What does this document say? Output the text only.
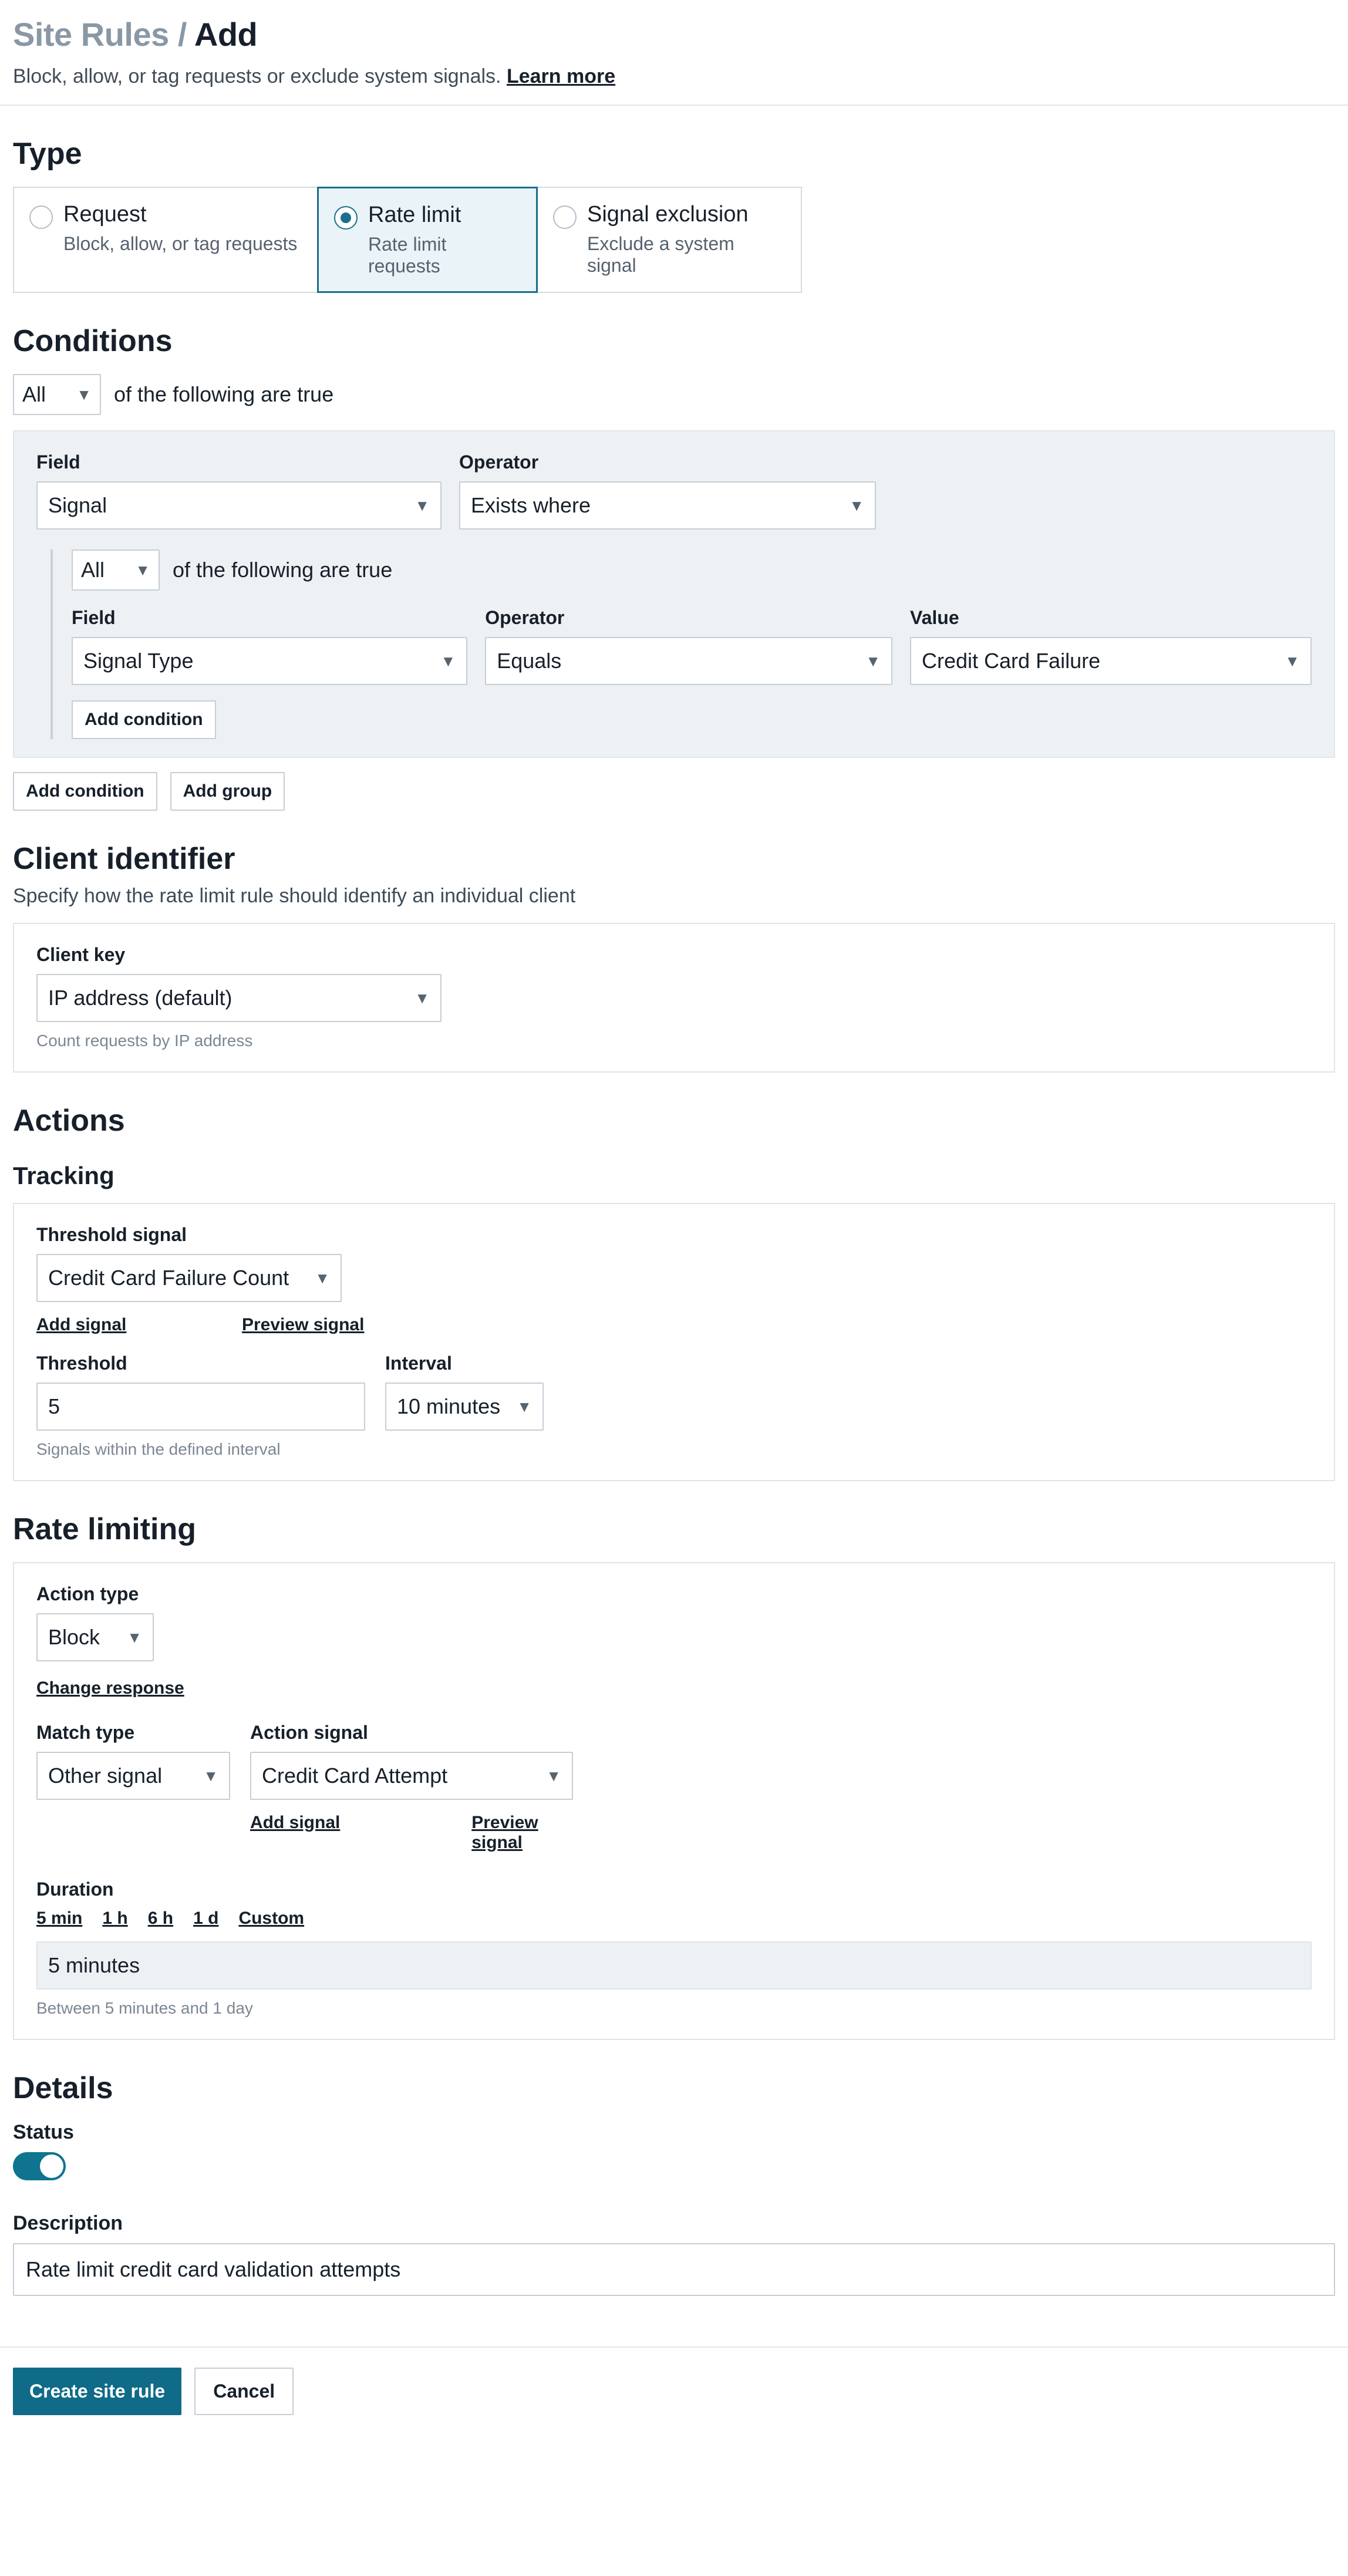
Site Rules / Add
Block, allow, or tag requests or exclude system signals. Learn more
Type
Request
Block, allow, or tag requests
Rate limit
Rate limit requests
Signal exclusion
Exclude a system signal
Conditions
All ▼ of the following are true
Field
Signal	▼
Operator
Exists where	▼
All ▼ of the following are true
Field
Signal Type	▼
Operator
Equals	▼
Value
Credit Card Failure	▼
Add condition
Add condition	Add group
Client identifier
Specify how the rate limit rule should identify an individual client
Client key
IP address (default)	▼
Count requests by IP address
Actions
Tracking
Threshold signal
Credit Card Failure Count ▼
Add signal	Preview signal
Threshold
5
Interval
10 minutes ▼
Signals within the defined interval
Rate limiting
Action type
Block ▼
Change response
Match type
Other signal	▼
Action signal
Credit Card Attempt	▼
Add signal	Preview signal
Duration
5 min 1 h 6 h 1 d Custom
5 minutes
Between 5 minutes and 1 day
Details
Status
Description
Rate limit credit card validation attempts
Create site rule	Cancel
